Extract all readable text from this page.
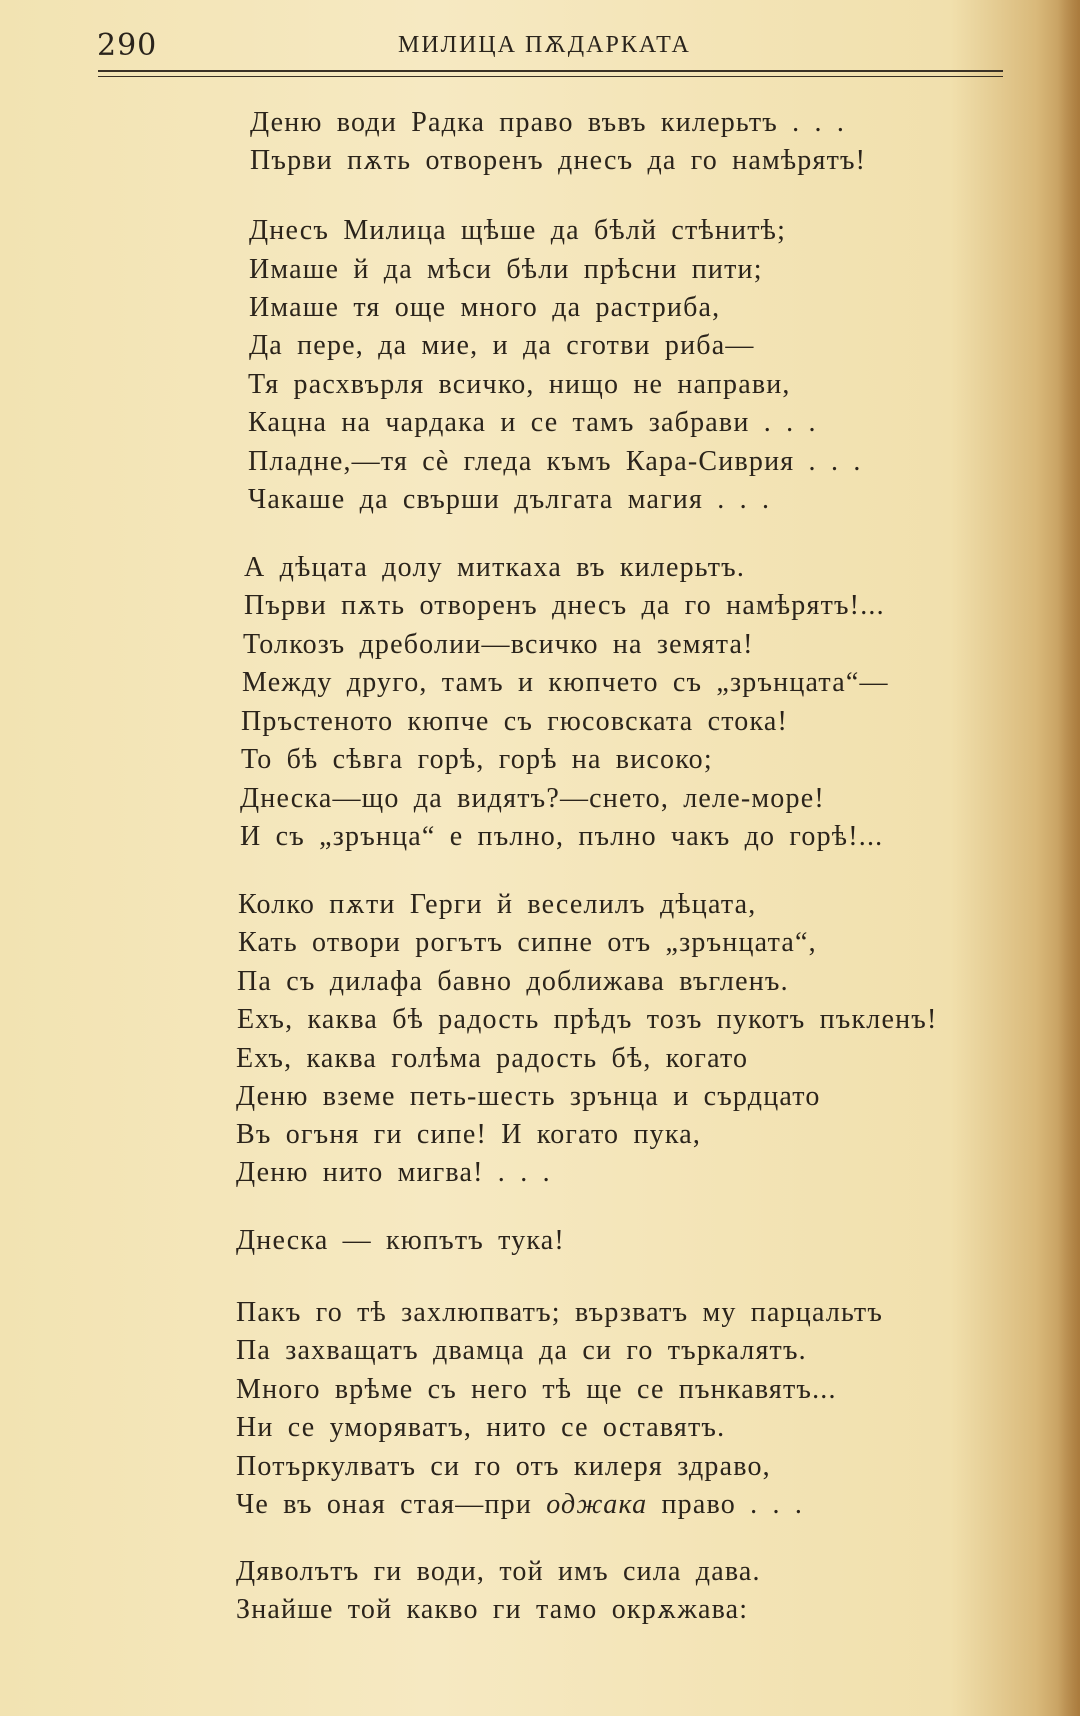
290	МИЛИЦА ПѪДАРКАТА
Деню води Радка право въвъ килерьтъ . . .
Първи пѫть отворенъ днесъ да го намѣрятъ!
Днесъ Милица щѣше да бѣлй стѣнитѣ;
Имаше й да мѣси бѣли прѣсни пити;
Имаше тя още много да растриба,
Да пере, да мие, и да сготви риба—
Тя расхвърля всичко, нищо не направи,
Кацна на чардака и се тамъ забрави . . .
Пладне,—тя сè гледа къмъ Кара-Сиврия . . .
Чакаше да свърши дългата магия . . .
А дѣцата долу миткаха въ килерьтъ.
Първи пѫть отворенъ днесъ да го намѣрятъ!...
Толкозъ дреболии—всичко на земята!
Между друго, тамъ и кюпчето съ „зрънцата“—
Пръстеното кюпче съ гюсовската стока!
То бѣ сѣвга горѣ, горѣ на високо;
Днеска—що да видятъ?—снето, леле-море!
И съ „зрънца“ е пълно, пълно чакъ до горѣ!...
Колко пѫти Герги й веселилъ дѣцата,
Кать отвори рогътъ сипне отъ „зрънцата“,
Па съ дилафа бавно доближава въгленъ.
Ехъ, каква бѣ радость прѣдъ тозъ пукотъ пъкленъ!
Ехъ, каква голѣма радость бѣ, когато
Деню вземе петь-шесть зрънца и сърдцато
Въ огъня ги сипе! И когато пука,
Деню нито мигва! . . .
Днеска — кюпътъ тука!
Пакъ го тѣ захлюпватъ; вързватъ му парцальтъ
Па захващатъ двамца да си го търкалятъ.
Много врѣме съ него тѣ ще се пънкавятъ...
Ни се уморяватъ, нито се оставятъ.
Потъркулватъ си го отъ килеря здраво,
Че въ оная стая—при оджака право . . .
Дяволътъ ги води, той имъ сила дава.
Знайше той какво ги тамо окрѫжава:
